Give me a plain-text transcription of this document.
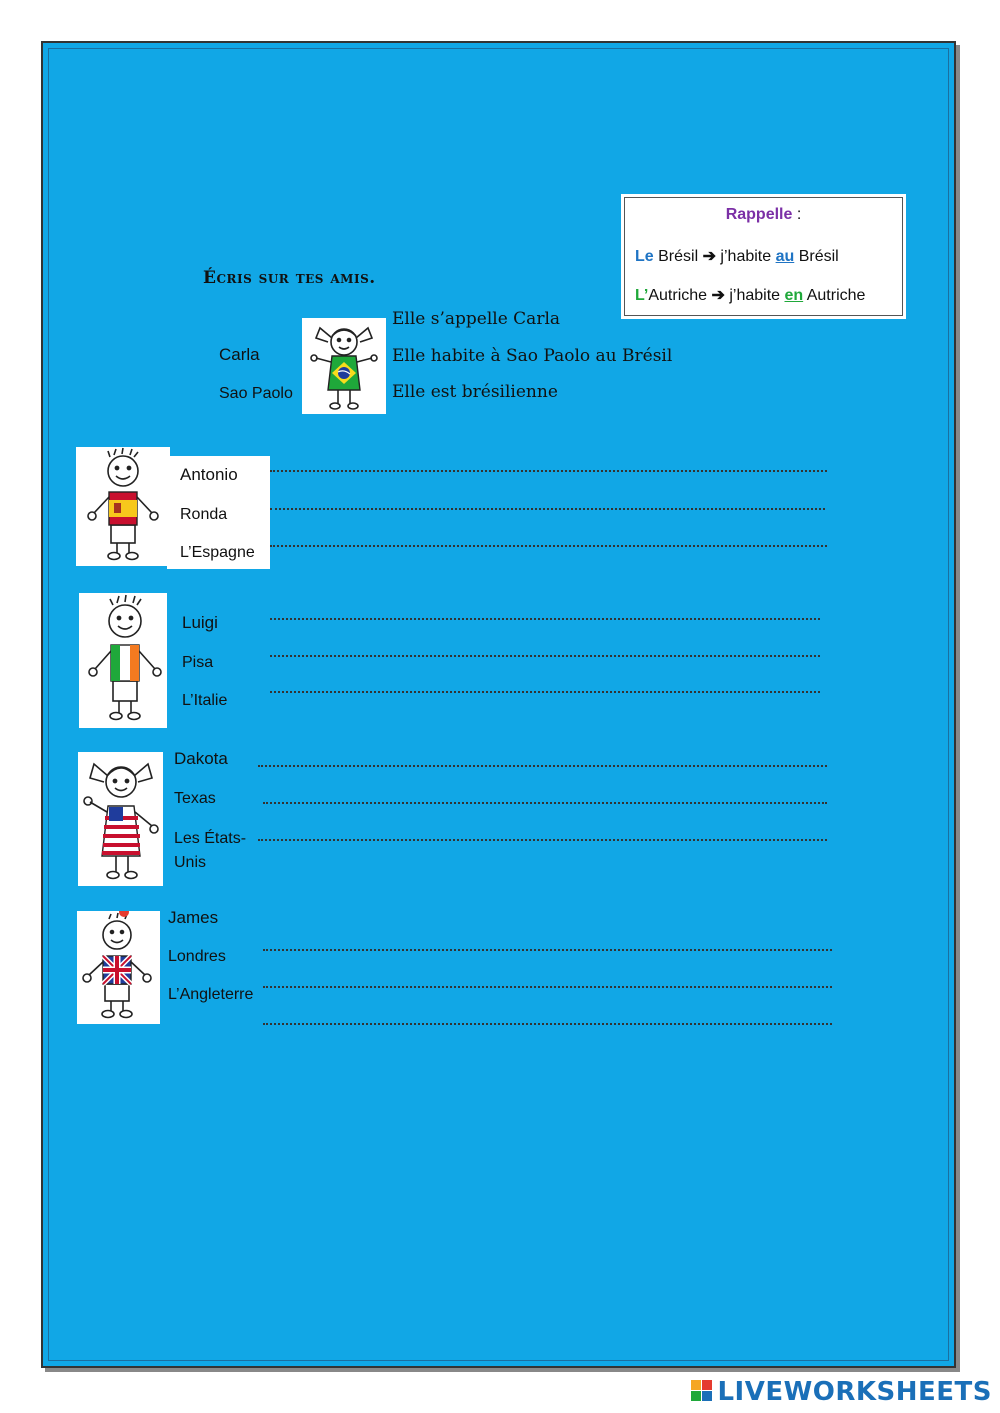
Écris sur tes amis.
Rappelle :
Le Brésil ➔ j’habite au Brésil
L’Autriche ➔ j’habite en Autriche
Carla
Sao Paolo
Elle s’appelle Carla
Elle habite à Sao Paolo au Brésil
Elle est brésilienne
Antonio
Ronda
L’Espagne
Luigi
Pisa
L’Italie
Dakota
Texas
Les États-Unis
James
Londres
L’Angleterre
LIVEWORKSHEETS
